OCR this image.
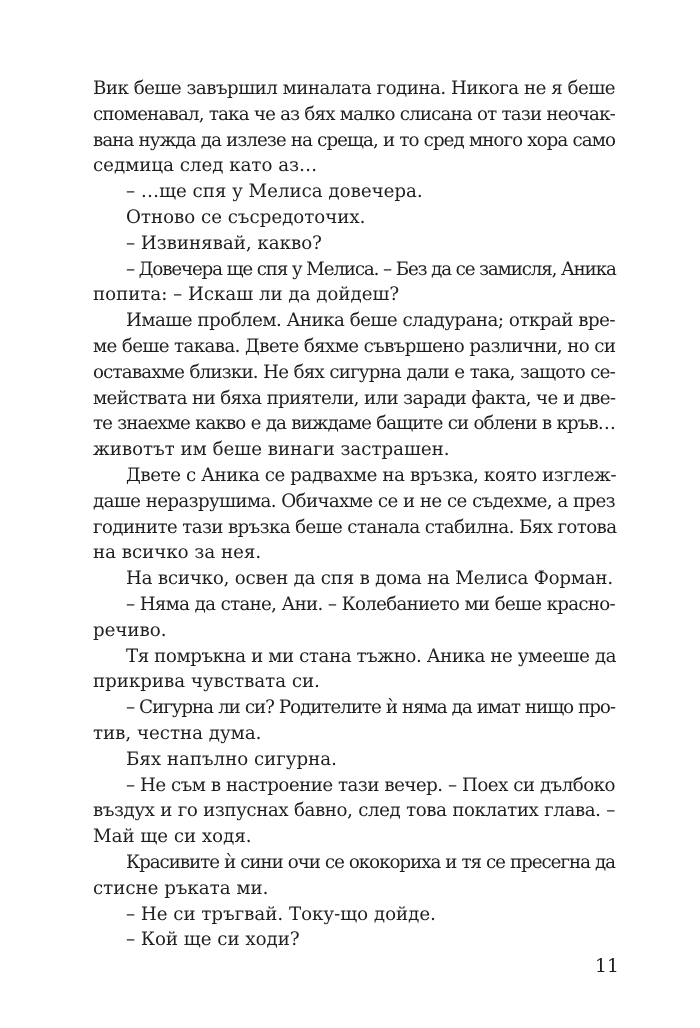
Вик беше завършил миналата година. Никога не я беше
споменавал, така че аз бях малко слисана от тази неочак-
вана нужда да излезе на среща, и то сред много хора само
седмица след като аз…
– …ще спя у Мелиса довечера.
Отново се съсредоточих.
– Извинявай, какво?
– Довечера ще спя у Мелиса. – Без да се замисля, Аника
попита: – Искаш ли да дойдеш?
Имаше проблем. Аника беше сладурана; открай вре-
ме беше такава. Двете бяхме съвършено различни, но си
оставахме близки. Не бях сигурна дали е така, защото се-
мействата ни бяха приятели, или заради факта, че и две-
те знаехме какво е да виждаме бащите си облени в кръв…
животът им беше винаги застрашен.
Двете с Аника се радвахме на връзка, която изглеж-
даше неразрушима. Обичахме се и не се съдехме, а през
годините тази връзка беше станала стабилна. Бях готова
на всичко за нея.
На всичко, освен да спя в дома на Мелиса Форман.
– Няма да стане, Ани. – Колебанието ми беше красно-
речиво.
Тя помръкна и ми стана тъжно. Аника не умееше да
прикрива чувствата си.
– Сигурна ли си? Родителите ѝ няма да имат нищо про-
тив, честна дума.
Бях напълно сигурна.
– Не съм в настроение тази вечер. – Поех си дълбоко
въздух и го изпуснах бавно, след това поклатих глава. –
Май ще си ходя.
Красивите ѝ сини очи се ококориха и тя се пресегна да
стисне ръката ми.
– Не си тръгвай. Току-що дойде.
– Кой ще си ходи?
11
